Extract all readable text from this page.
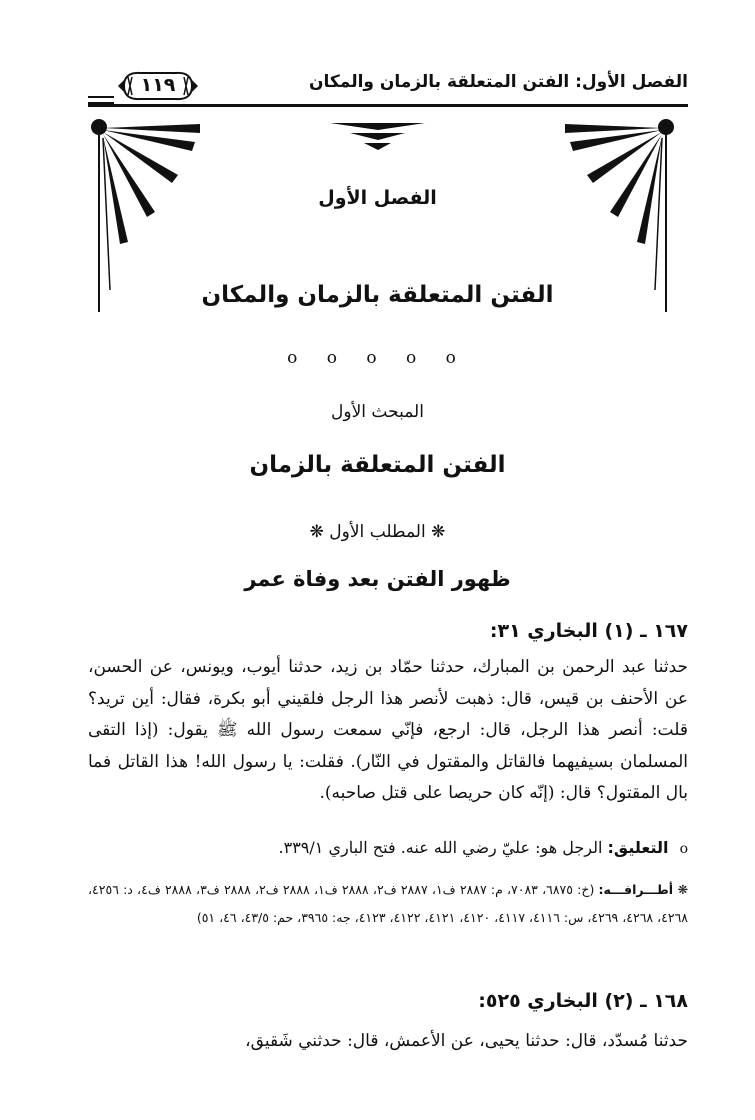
الفصل الأول: الفتن المتعلقة بالزمان والمكان
١١٩
الفصل الأول
الفتن المتعلقة بالزمان والمكان
ο ο ο ο ο
المبحث الأول
الفتن المتعلقة بالزمان
❋ المطلب الأول ❋
ظهور الفتن بعد وفاة عمر
١٦٧ ـ (١) البخاري ٣١:

حدثنا عبد الرحمن بن المبارك، حدثنا حمّاد بن زيد، حدثنا أيوب، ويونس، عن الحسن، عن الأحنف بن قيس، قال: ذهبت لأنصر هذا الرجل فلقيني أبو بكرة، فقال: أين تريد؟ قلت: أنصر هذا الرجل، قال: ارجع، فإنّي سمعت رسول الله ﷺ يقول: (إذا التقى المسلمان بسيفيهما فالقاتل والمقتول في النّار). فقلت: يا رسول الله! هذا القاتل فما بال المقتول؟ قال: (إنّه كان حريصا على قتل صاحبه).

ο التعليق: الرجل هو: عليّ رضي الله عنه. فتح الباري ٣٣٩/١.
❋ أطـــرافـــه: (خ: ٦٨٧٥، ٧٠٨٣، م: ٢٨٨٧ ف١، ٢٨٨٧ ف٢، ٢٨٨٨ ف١، ٢٨٨٨ ف٢، ٢٨٨٨ ف٣، ٢٨٨٨ ف٤، د: ٤٢٥٦، ٤٢٦٨، ٤٢٦٨، ٤٢٦٩، س: ٤١١٦، ٤١١٧، ٤١٢٠، ٤١٢١، ٤١٢٢، ٤١٢٣، جه: ٣٩٦٥، حم: ٤٣/٥، ٤٦، ٥١)
١٦٨ ـ (٢) البخاري ٥٢٥:
حدثنا مُسدّد، قال: حدثنا يحيى، عن الأعمش، قال: حدثني شَقيق،
